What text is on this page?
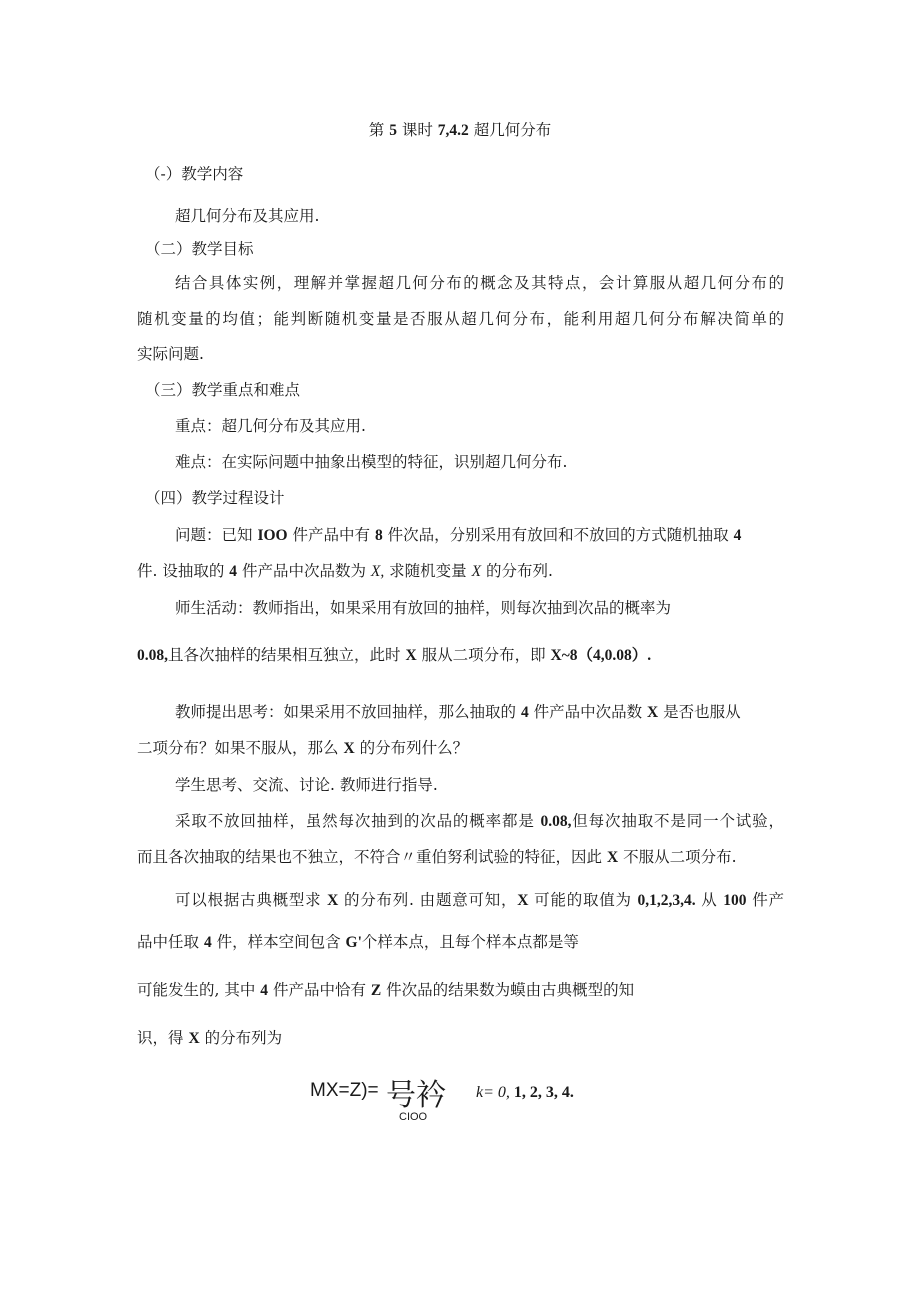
第 5 课时 7,4.2 超几何分布
（-）教学内容
超几何分布及其应用.
（二）教学目标
结合具体实例，理解并掌握超几何分布的概念及其特点，会计算服从超几何分布的
随机变量的均值；能判断随机变量是否服从超几何分布，能利用超几何分布解决简单的
实际问题.
（三）教学重点和难点
重点：超几何分布及其应用.
难点：在实际问题中抽象出模型的特征，识别超几何分布.
（四）教学过程设计
问题：已知 IOO 件产品中有 8 件次品，分别采用有放回和不放回的方式随机抽取 4
件. 设抽取的 4 件产品中次品数为 X, 求随机变量 X 的分布列.
师生活动：教师指出，如果采用有放回的抽样，则每次抽到次品的概率为
0.08,且各次抽样的结果相互独立，此时 X 服从二项分布，即 X~8（4,0.08）.
教师提出思考：如果采用不放回抽样，那么抽取的 4 件产品中次品数 X 是否也服从
二项分布？如果不服从，那么 X 的分布列什么？
学生思考、交流、讨论. 教师进行指导.
采取不放回抽样，虽然每次抽到的次品的概率都是 0.08,但每次抽取不是同一个试验，
而且各次抽取的结果也不独立，不符合〃重伯努利试验的特征，因此 X 不服从二项分布.
可以根据古典概型求 X 的分布列. 由题意可知，X 可能的取值为 0,1,2,3,4. 从 100 件产
品中任取 4 件，样本空间包含 G'个样本点，且每个样本点都是等
可能发生的, 其中 4 件产品中恰有 Z 件次品的结果数为蟆由古典概型的知
识，得 X 的分布列为
MX=Z)= 号衿
CIOO
k= 0, 1, 2, 3, 4.
